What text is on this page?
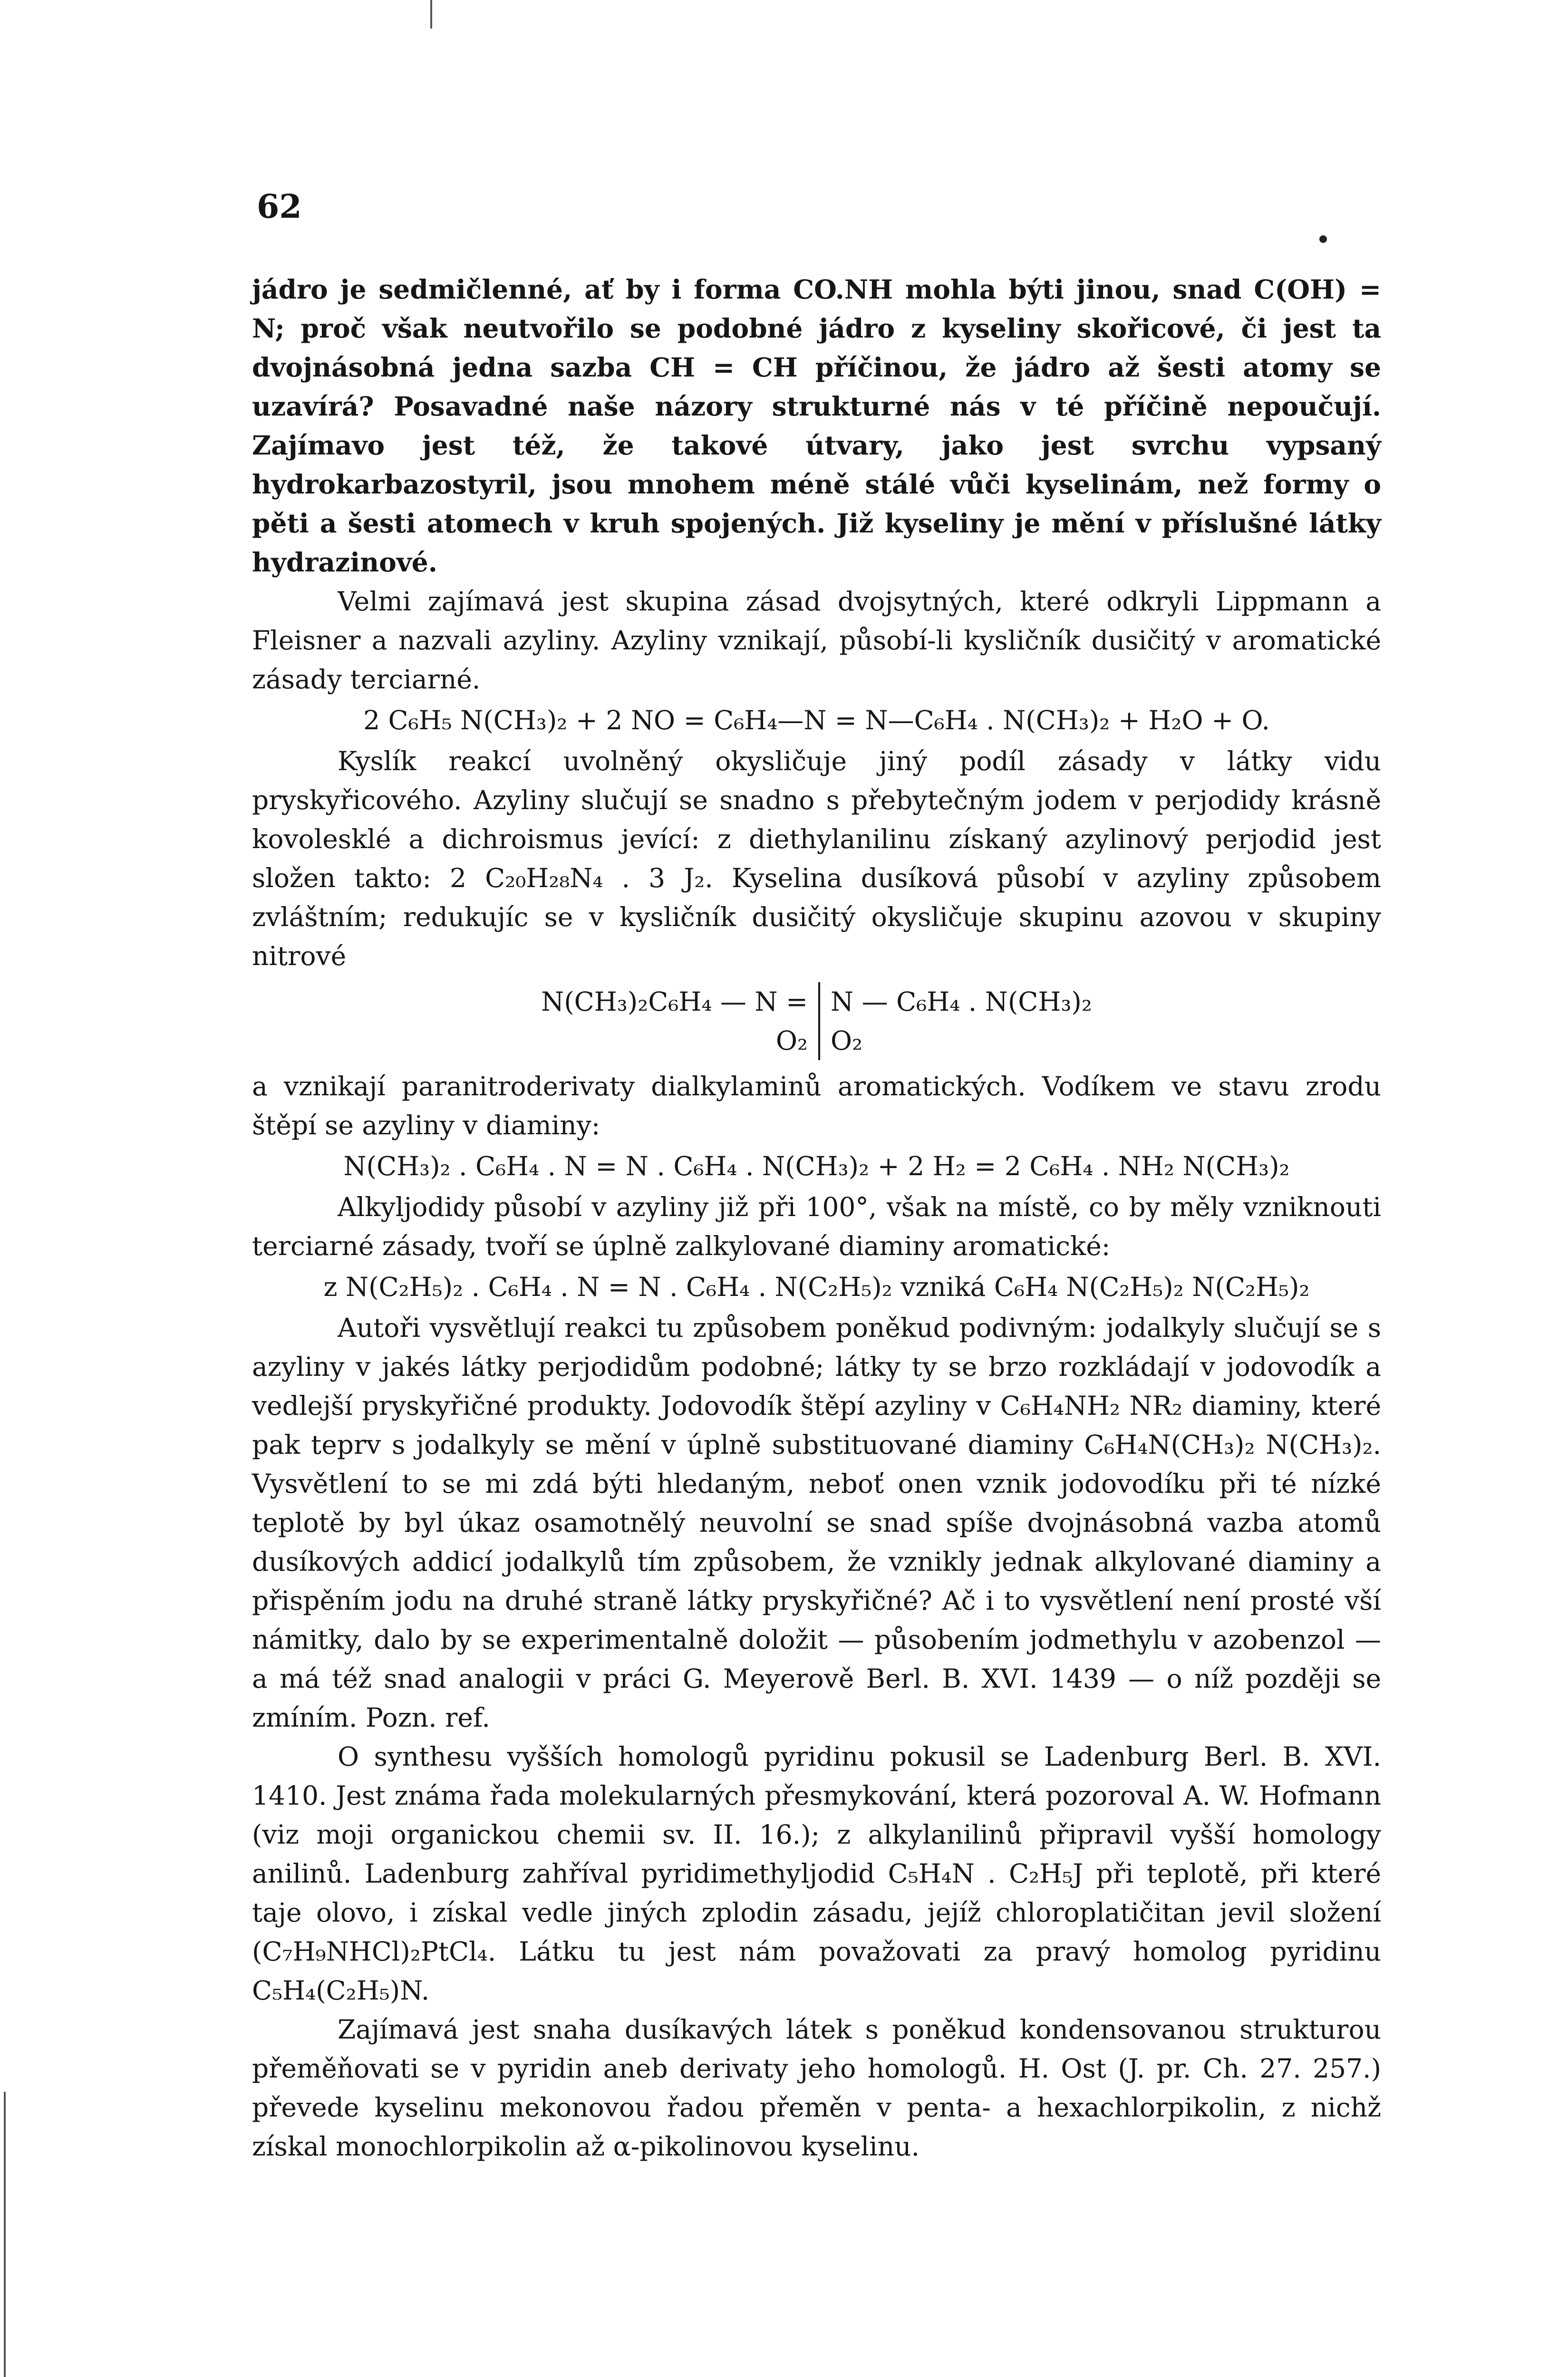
62

jádro je sedmičlenné, ať by i forma CO.NH mohla býti jinou, snad C(OH) = N; proč však neutvořilo se podobné jádro z kyseliny skořicové, či jest ta dvojnásobná jedna sazba CH = CH příčinou, že jádro až šesti atomy se uzavírá? Posavadné naše názory strukturné nás v té příčině nepoučují. Zajímavo jest též, že takové útvary, jako jest svrchu vypsaný hydrokarbazostyril, jsou mnohem méně stálé vůči kyselinám, než formy o pěti a šesti atomech v kruh spojených. Již kyseliny je mění v příslušné látky hydrazinové.

Velmi zajímavá jest skupina zásad dvojsytných, které odkryli Lippmann a Fleisner a nazvali azyliny. Azyliny vznikají, působí-li kysličník dusičitý v aromatické zásady terciarné.

2 C₆H₅ N(CH₃)₂ + 2 NO = C₆H₄—N = N—C₆H₄ . N(CH₃)₂ + H₂O + O.

Kyslík reakcí uvolněný okysličuje jiný podíl zásady v látky vidu pryskyřicového. Azyliny slučují se snadno s přebytečným jodem v perjodidy krásně kovolesklé a dichroismus jevící: z diethylanilinu získaný azylinový perjodid jest složen takto: 2 C₂₀H₂₈N₄ . 3 J₂. Kyselina dusíková působí v azyliny způsobem zvláštním; redukujíc se v kysličník dusičitý okysličuje skupinu azovou v skupiny nitrové

N(CH₃)₂C₆H₄ — N =
O₂
N — C₆H₄ . N(CH₃)₂
O₂

a vznikají paranitroderivaty dialkylaminů aromatických. Vodíkem ve stavu zrodu štěpí se azyliny v diaminy:

N(CH₃)₂ . C₆H₄ . N = N . C₆H₄ . N(CH₃)₂ + 2 H₂ = 2 C₆H₄ . NH₂ N(CH₃)₂

Alkyljodidy působí v azyliny již při 100°, však na místě, co by měly vzniknouti terciarné zásady, tvoří se úplně zalkylované diaminy aromatické:

z N(C₂H₅)₂ . C₆H₄ . N = N . C₆H₄ . N(C₂H₅)₂ vzniká C₆H₄ N(C₂H₅)₂ N(C₂H₅)₂

Autoři vysvětlují reakci tu způsobem poněkud podivným: jodalkyly slučují se s azyliny v jakés látky perjodidům podobné; látky ty se brzo rozkládají v jodovodík a vedlejší pryskyřičné produkty. Jodovodík štěpí azyliny v C₆H₄NH₂ NR₂ diaminy, které pak teprv s jodalkyly se mění v úplně substituované diaminy C₆H₄N(CH₃)₂ N(CH₃)₂. Vysvětlení to se mi zdá býti hledaným, neboť onen vznik jodovodíku při té nízké teplotě by byl úkaz osamotnělý neuvolní se snad spíše dvojnásobná vazba atomů dusíkových addicí jodalkylů tím způsobem, že vznikly jednak alkylované diaminy a přispěním jodu na druhé straně látky pryskyřičné? Ač i to vysvětlení není prosté vší námitky, dalo by se experimentalně doložit — působením jodmethylu v azobenzol — a má též snad analogii v práci G. Meyerově Berl. B. XVI. 1439 — o níž později se zmíním. Pozn. ref.

O synthesu vyšších homologů pyridinu pokusil se Ladenburg Berl. B. XVI. 1410. Jest známa řada molekularných přesmykování, která pozoroval A. W. Hofmann (viz moji organickou chemii sv. II. 16.); z alkylanilinů připravil vyšší homology anilinů. Ladenburg zahříval pyridimethyljodid C₅H₄N . C₂H₅J při teplotě, při které taje olovo, i získal vedle jiných zplodin zásadu, jejíž chloroplatičitan jevil složení (C₇H₉NHCl)₂PtCl₄. Látku tu jest nám považovati za pravý homolog pyridinu C₅H₄(C₂H₅)N.

Zajímavá jest snaha dusíkavých látek s poněkud kondensovanou strukturou přeměňovati se v pyridin aneb derivaty jeho homologů. H. Ost (J. pr. Ch. 27. 257.) převede kyselinu mekonovou řadou přeměn v penta- a hexachlorpikolin, z nichž získal monochlorpikolin až α-pikolinovou kyselinu.
